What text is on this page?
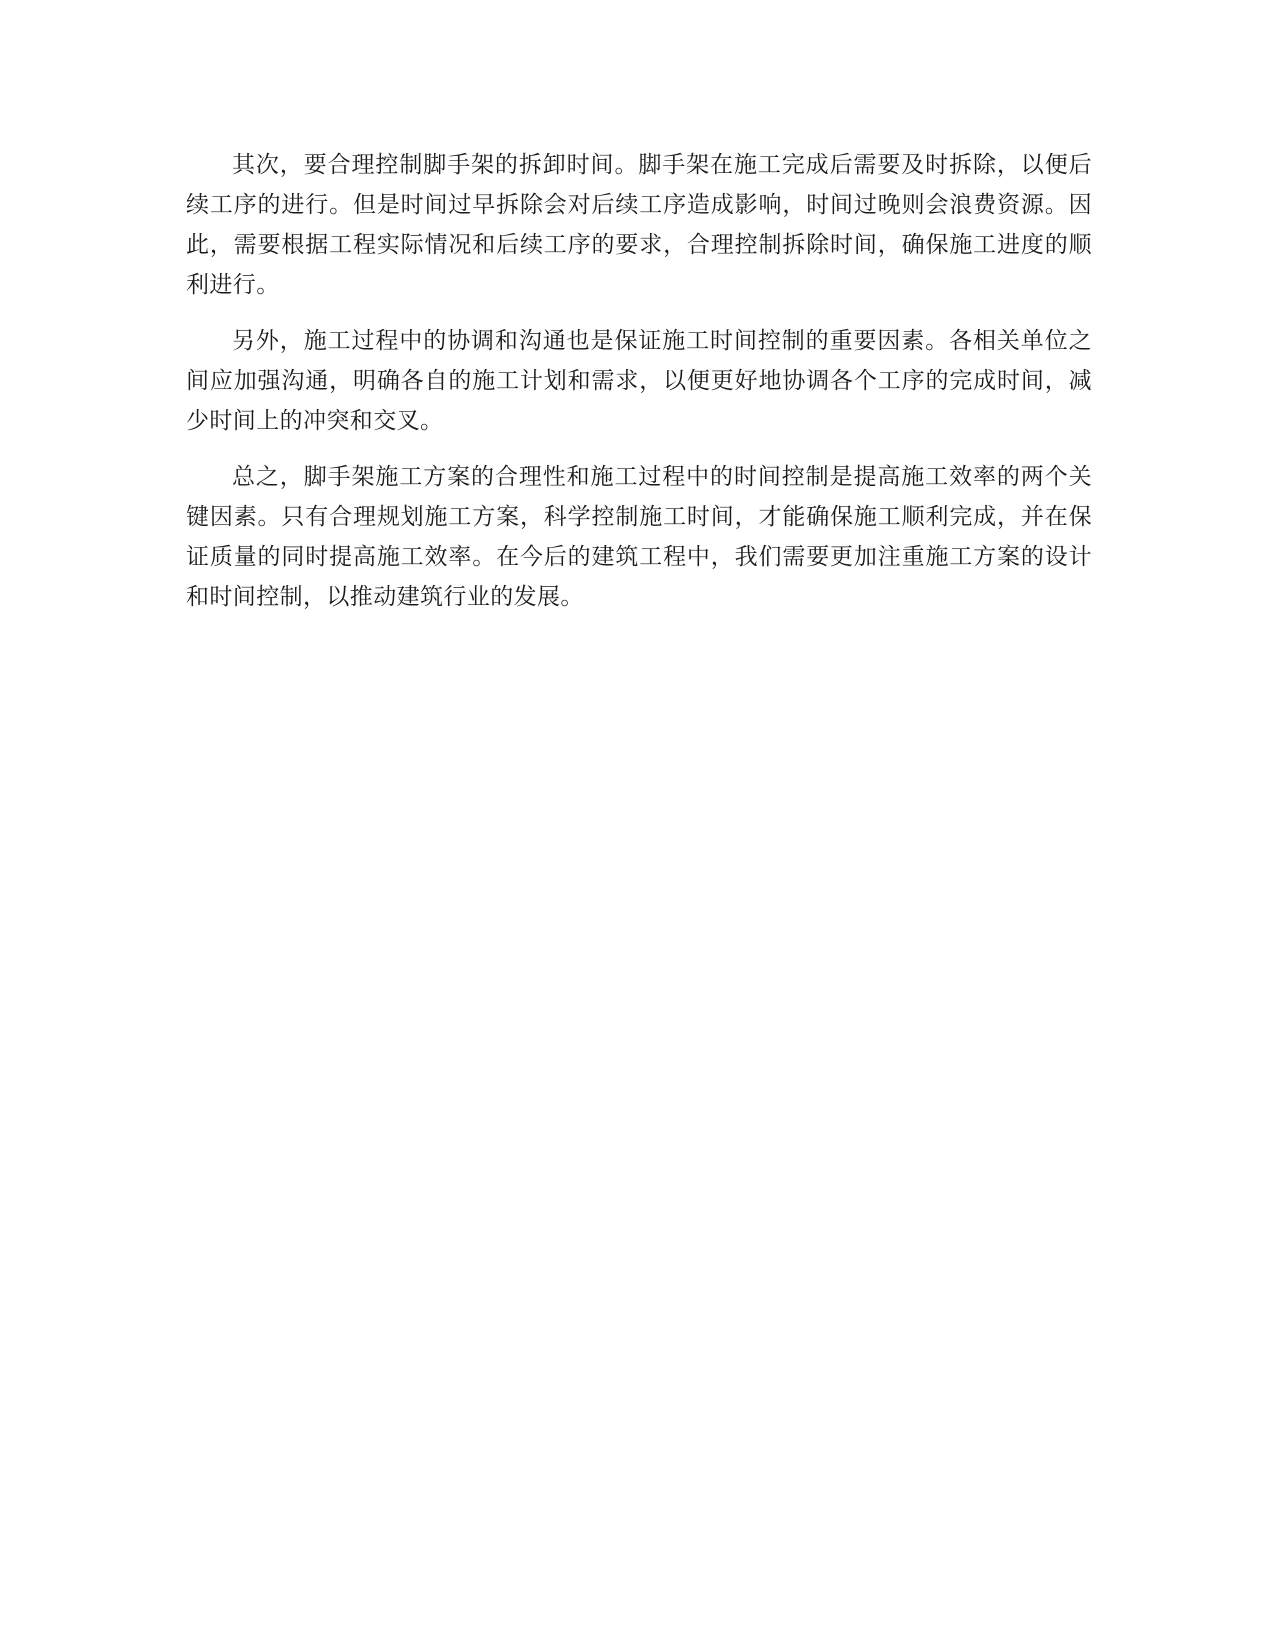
其次，要合理控制脚手架的拆卸时间。脚手架在施工完成后需要及时拆除，以便后续工序的进行。但是时间过早拆除会对后续工序造成影响，时间过晚则会浪费资源。因此，需要根据工程实际情况和后续工序的要求，合理控制拆除时间，确保施工进度的顺利进行。

另外，施工过程中的协调和沟通也是保证施工时间控制的重要因素。各相关单位之间应加强沟通，明确各自的施工计划和需求，以便更好地协调各个工序的完成时间，减少时间上的冲突和交叉。

总之，脚手架施工方案的合理性和施工过程中的时间控制是提高施工效率的两个关键因素。只有合理规划施工方案，科学控制施工时间，才能确保施工顺利完成，并在保证质量的同时提高施工效率。在今后的建筑工程中，我们需要更加注重施工方案的设计和时间控制，以推动建筑行业的发展。
